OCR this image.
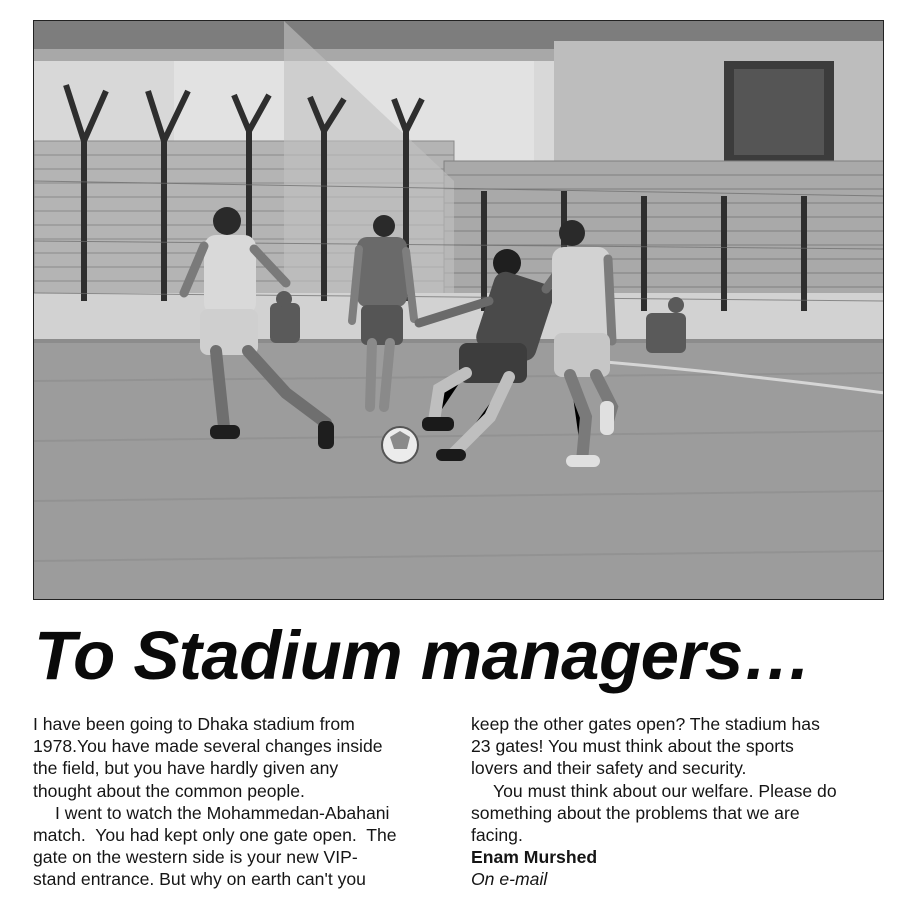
To Stadium managers…

I have been going to Dhaka stadium from

1978.You have made several changes inside

the field, but you have hardly given any

thought about the common people.

I went to watch the Mohammedan-Abahani

match.  You had kept only one gate open.  The

gate on the western side is your new VIP-

stand entrance. But why on earth can't you

keep the other gates open? The stadium has

23 gates! You must think about the sports

lovers and their safety and security.

You must think about our welfare. Please do

something about the problems that we are

facing.

Enam Murshed

On e-mail
